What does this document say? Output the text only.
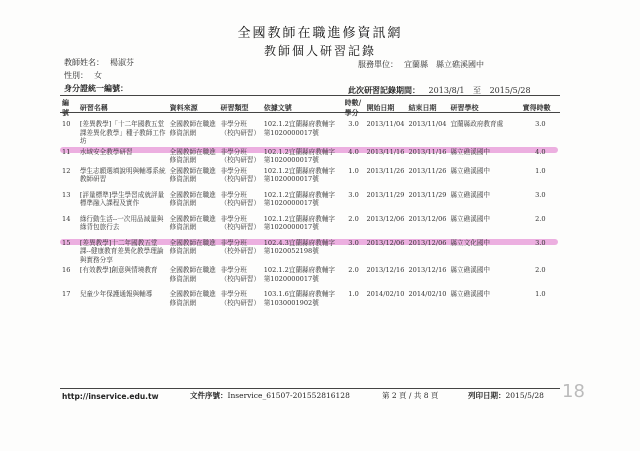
全國教師在職進修資訊網
教師個人研習記錄
教師姓名： 楊淑芬
性別： 女
身分證統一編號：
服務單位： 宜蘭縣　縣立礁溪國中
此次研習記錄期間： 2013/8/1 至 2015/5/28
編號	研習名稱	資料來源	研習類型	依據文號	時數/學分	開始日期	結束日期	研習學校	實得時數
10	[差異教學]「十二年國教五堂課差異化教學」種子教師工作坊	全國教師在職進修資訊網	非學分班（校內研習）	102.1.2宜蘭縣府教輔字第1020000017號	3.0	2013/11/04	2013/11/04	宜蘭縣政府教育處	3.0
11	水域安全教學研習	全國教師在職進修資訊網	非學分班（校內研習）	102.1.2宜蘭縣府教輔字第1020000017號	4.0	2013/11/16	2013/11/16	縣立礁溪國中	4.0
12	學生志願選填說明與輔導系統教師研習	全國教師在職進修資訊網	非學分班（校內研習）	102.1.2宜蘭縣府教輔字第1020000017號	1.0	2013/11/26	2013/11/26	縣立礁溪國中	1.0
13	[評量標準]學生學習成就評量標準融入課程及實作	全國教師在職進修資訊網	非學分班（校內研習）	102.1.2宜蘭縣府教輔字第1020000017號	3.0	2013/11/29	2013/11/29	縣立礁溪國中	3.0
14	綠行動生活--一次用品減量與綠背包旅行去	全國教師在職進修資訊網	非學分班（校內研習）	102.1.2宜蘭縣府教輔字第1020000017號	2.0	2013/12/06	2013/12/06	縣立礁溪國中	2.0
15	[差異教學]十二年國教五堂課--健康教育差異化教學理論與實務分享	全國教師在職進修資訊網	非學分班（校外研習）	102.4.3宜蘭縣府教輔字第1020052198號	3.0	2013/12/06	2013/12/06	縣立文化國中	3.0
16	[有效教學]創意與情境教育	全國教師在職進修資訊網	非學分班（校內研習）	102.1.2宜蘭縣府教輔字第1020000017號	2.0	2013/12/16	2013/12/16	縣立礁溪國中	2.0
17	兒童少年保護通報與輔導	全國教師在職進修資訊網	非學分班（校內研習）	103.1.6宜蘭縣府教輔字第1030001902號	1.0	2014/02/10	2014/02/10	縣立礁溪國中	1.0
http://inservice.edu.tw	文件序號：Inservice_61507-201552816128	第 2 頁 / 共 8 頁	列印日期：2015/5/28 18
